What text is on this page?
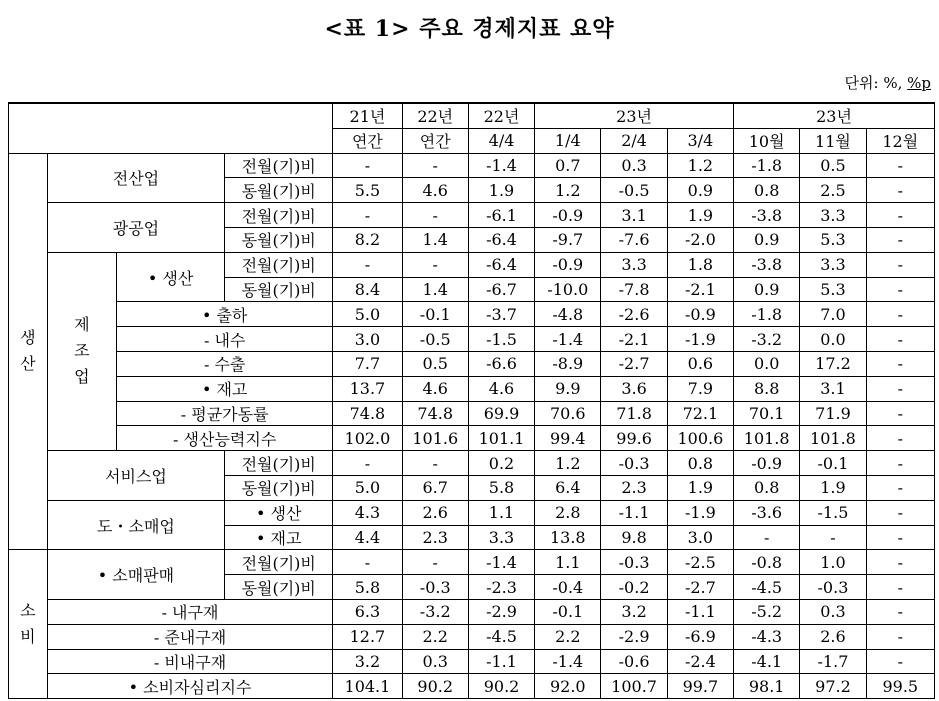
<표 1> 주요 경제지표 요약
단위: %, %p
				21년	22년	22년	23년			23년		
				연간	연간	4/4	1/4	2/4	3/4	10월	11월	12월
생
산	전산업		전월(기)비	-	-	-1.4	0.7	0.3	1.2	-1.8	0.5	-
			동월(기)비	5.5	4.6	1.9	1.2	-0.5	0.9	0.8	2.5	-
	광공업		전월(기)비	-	-	-6.1	-0.9	3.1	1.9	-3.8	3.3	-
			동월(기)비	8.2	1.4	-6.4	-9.7	-7.6	-2.0	0.9	5.3	-
	제
조
업	• 생산	전월(기)비	-	-	-6.4	-0.9	3.3	1.8	-3.8	3.3	-
			동월(기)비	8.4	1.4	-6.7	-10.0	-7.8	-2.1	0.9	5.3	-
		• 출하		5.0	-0.1	-3.7	-4.8	-2.6	-0.9	-1.8	7.0	-
		- 내수		3.0	-0.5	-1.5	-1.4	-2.1	-1.9	-3.2	0.0	-
		- 수출		7.7	0.5	-6.6	-8.9	-2.7	0.6	0.0	17.2	-
		• 재고		13.7	4.6	4.6	9.9	3.6	7.9	8.8	3.1	-
		- 평균가동률		74.8	74.8	69.9	70.6	71.8	72.1	70.1	71.9	-
		- 생산능력지수		102.0	101.6	101.1	99.4	99.6	100.6	101.8	101.8	-
	서비스업		전월(기)비	-	-	0.2	1.2	-0.3	0.8	-0.9	-0.1	-
			동월(기)비	5.0	6.7	5.8	6.4	2.3	1.9	0.8	1.9	-
	도・소매업		• 생산	4.3	2.6	1.1	2.8	-1.1	-1.9	-3.6	-1.5	-
			• 재고	4.4	2.3	3.3	13.8	9.8	3.0	-	-	-
소
비	• 소매판매		전월(기)비	-	-	-1.4	1.1	-0.3	-2.5	-0.8	1.0	-
			동월(기)비	5.8	-0.3	-2.3	-0.4	-0.2	-2.7	-4.5	-0.3	-
	- 내구재			6.3	-3.2	-2.9	-0.1	3.2	-1.1	-5.2	0.3	-
	- 준내구재			12.7	2.2	-4.5	2.2	-2.9	-6.9	-4.3	2.6	-
	- 비내구재			3.2	0.3	-1.1	-1.4	-0.6	-2.4	-4.1	-1.7	-
	• 소비자심리지수			104.1	90.2	90.2	92.0	100.7	99.7	98.1	97.2	99.5
